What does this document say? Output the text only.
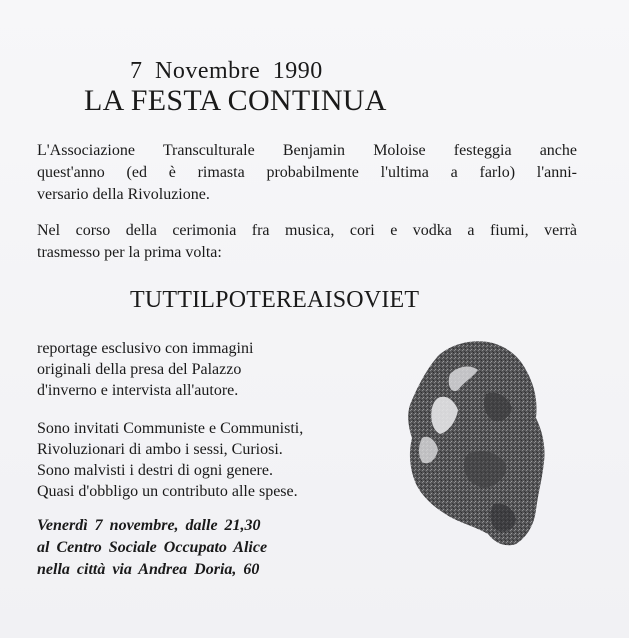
7 Novembre 1990
LA FESTA CONTINUA

L'Associazione Transculturale Benjamin Moloise festeggia anche
quest'anno (ed è rimasta probabilmente l'ultima a farlo) l'anni-
versario della Rivoluzione.

Nel corso della cerimonia fra musica, cori e vodka a fiumi, verrà
trasmesso per la prima volta:

TUTTILPOTEREAISOVIET

reportage esclusivo con immagini
originali della presa del Palazzo
d'inverno e intervista all'autore.

Sono invitati Communiste e Communisti,
Rivoluzionari di ambo i sessi, Curiosi.
Sono malvisti i destri di ogni genere.
Quasi d'obbligo un contributo alle spese.

Venerdì 7 novembre, dalle 21,30
al Centro Sociale Occupato Alice
nella città via Andrea Doria, 60
